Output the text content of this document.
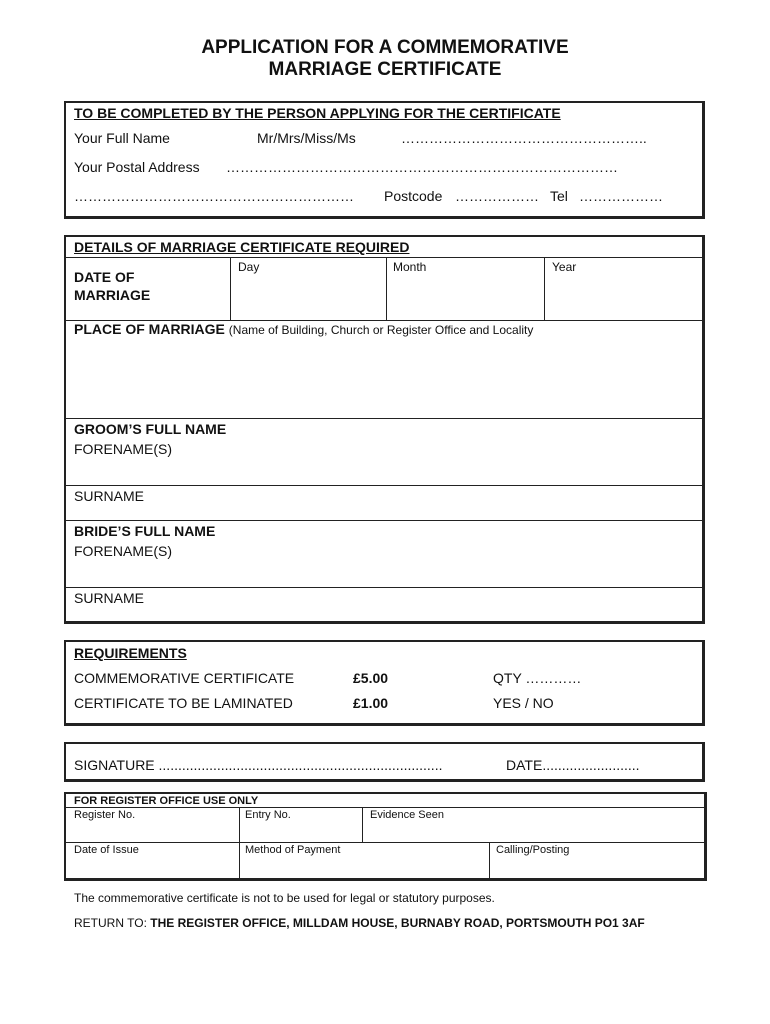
APPLICATION FOR A COMMEMORATIVE
MARRIAGE CERTIFICATE
TO BE COMPLETED BY THE PERSON APPLYING FOR THE CERTIFICATE
Your Full Name	Mr/Mrs/Miss/Ms	……………………………………………..
Your Postal Address …………………………………………………………………………
…………………………………………………… Postcode ……………… Tel ………………
DETAILS OF MARRIAGE CERTIFICATE REQUIRED
DATE OF
MARRIAGE
Day	Month	Year
PLACE OF MARRIAGE (Name of Building, Church or Register Office and Locality
GROOM’S FULL NAME
FORENAME(S)
SURNAME
BRIDE’S FULL NAME
FORENAME(S)
SURNAME
REQUIREMENTS
COMMEMORATIVE CERTIFICATE	£5.00	QTY …………
CERTIFICATE TO BE LAMINATED	£1.00	YES / NO
SIGNATURE .........................................................................	DATE.........................
FOR REGISTER OFFICE USE ONLY
Register No.	Entry No.	Evidence Seen
Date of Issue	Method of Payment	Calling/Posting
The commemorative certificate is not to be used for legal or statutory purposes.
RETURN TO: THE REGISTER OFFICE, MILLDAM HOUSE, BURNABY ROAD, PORTSMOUTH PO1 3AF
